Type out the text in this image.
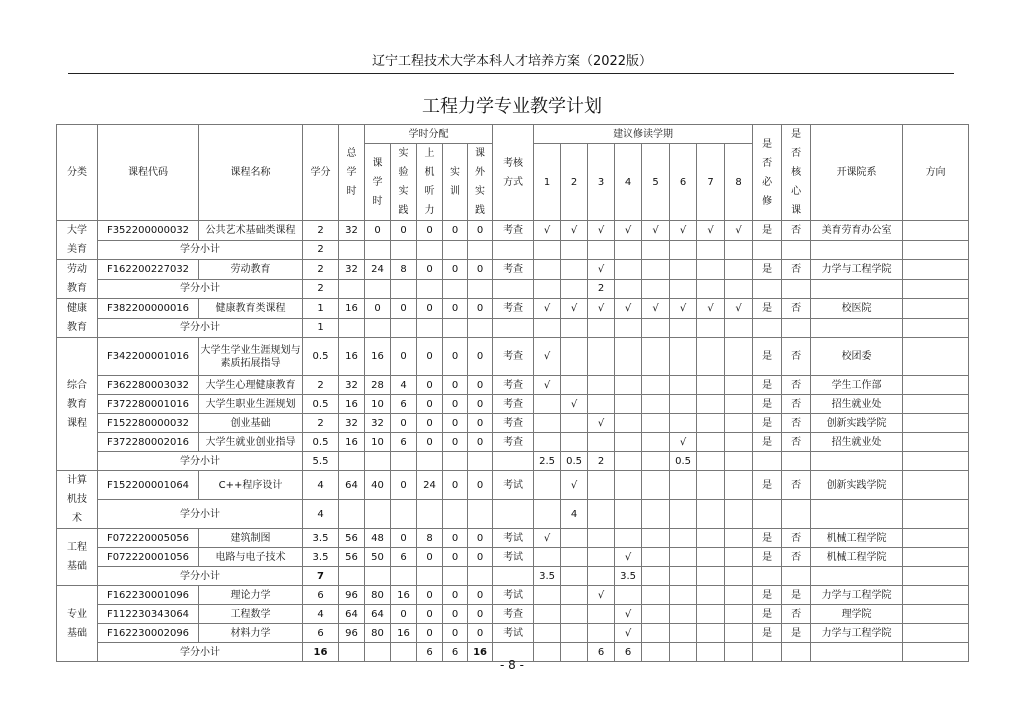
辽宁工程技术大学本科人才培养方案（2022版）
工程力学专业教学计划
分类	课程代码	课程名称	学分	总学时	学时分配					考核方式	建议修读学期								是否必修	是否核心课	开课院系	方向
					课学时	实验实践	上机听力	实训	课外实践		1	2	3	4	5	6	7	8				
大学美育	F352200000032	公共艺术基础类课程	2	32	0	0	0	0	0	考查	√	√	√	√	√	√	√	√	是	否	美育劳育办公室	
	学分小计		2																			
劳动教育	F162200227032	劳动教育	2	32	24	8	0	0	0	考查			√						是	否	力学与工程学院	
	学分小计		2										2									
健康教育	F382200000016	健康教育类课程	1	16	0	0	0	0	0	考查	√	√	√	√	√	√	√	√	是	否	校医院	
	学分小计		1																			
综合教育课程	F342200001016	大学生学业生涯规划与素质拓展指导	0.5	16	16	0	0	0	0	考查	√								是	否	校团委	
	F362280003032	大学生心理健康教育	2	32	28	4	0	0	0	考查	√								是	否	学生工作部	
	F372280001016	大学生职业生涯规划	0.5	16	10	6	0	0	0	考查		√							是	否	招生就业处	
	F152280000032	创业基础	2	32	32	0	0	0	0	考查			√						是	否	创新实践学院	
	F372280002016	大学生就业创业指导	0.5	16	10	6	0	0	0	考查						√			是	否	招生就业处	
	学分小计		5.5								2.5	0.5	2			0.5						
计算机技术	F152200001064	C++程序设计	4	64	40	0	24	0	0	考试		√							是	否	创新实践学院	
	学分小计		4									4										
工程基础	F072220005056	建筑制图	3.5	56	48	0	8	0	0	考试	√								是	否	机械工程学院	
	F072220001056	电路与电子技术	3.5	56	50	6	0	0	0	考试				√					是	否	机械工程学院	
	学分小计		7								3.5			3.5								
专业基础	F162230001096	理论力学	6	96	80	16	0	0	0	考试			√						是	是	力学与工程学院	
	F112230343064	工程数学	4	64	64	0	0	0	0	考查				√					是	否	理学院	
	F162230002096	材料力学	6	96	80	16	0	0	0	考试				√					是	是	力学与工程学院	
	学分小计		16				6	6	16				6	6								
- 8 -
